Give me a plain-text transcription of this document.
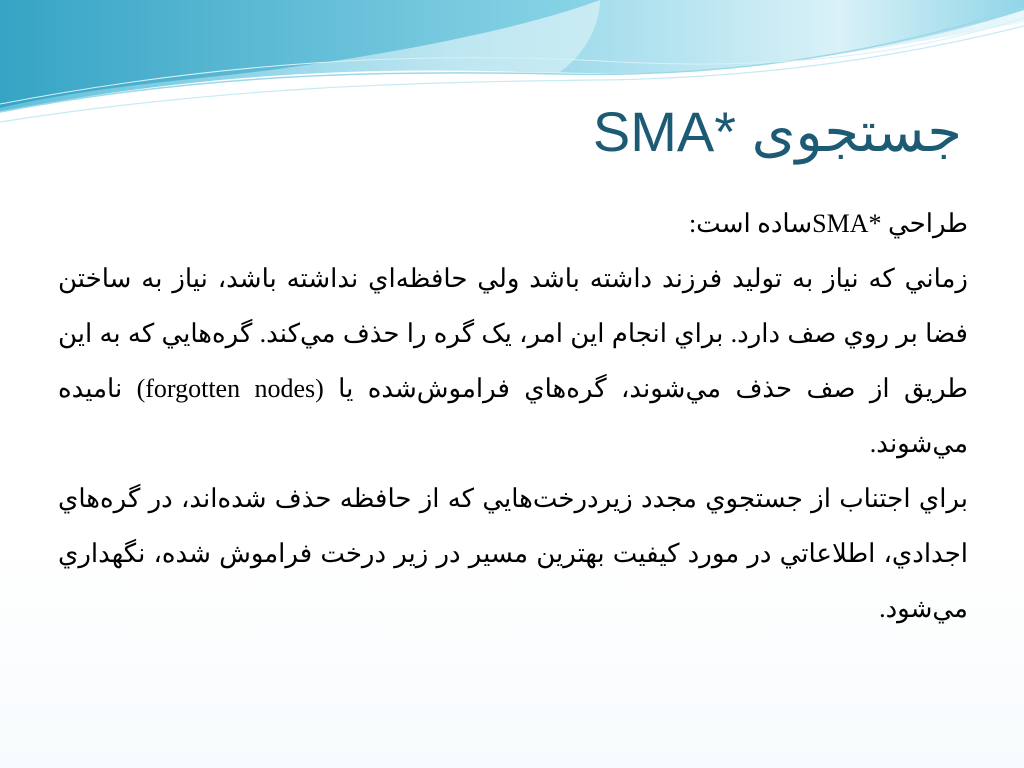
جستجوی SMA*

طراحي SMA*ساده است:

زماني كه نياز به توليد فرزند داشته باشد ولي حافظه‌اي نداشته باشد، نياز به ساختن فضا بر روي صف دارد. براي انجام اين امر، يک گره را حذف مي‌كند. گره‌هايي كه به اين طريق از صف حذف مي‌شوند، گره‌هاي فراموش‌شده يا (forgotten nodes) ناميده مي‌شوند.

براي اجتناب از جستجوي مجدد زيردرخت‌هايي كه از حافظه حذف شده‌اند، در گره‌هاي اجدادي، اطلاعاتي در مورد كيفيت بهترين مسير در زير درخت فراموش شده، نگهداري مي‌شود.
